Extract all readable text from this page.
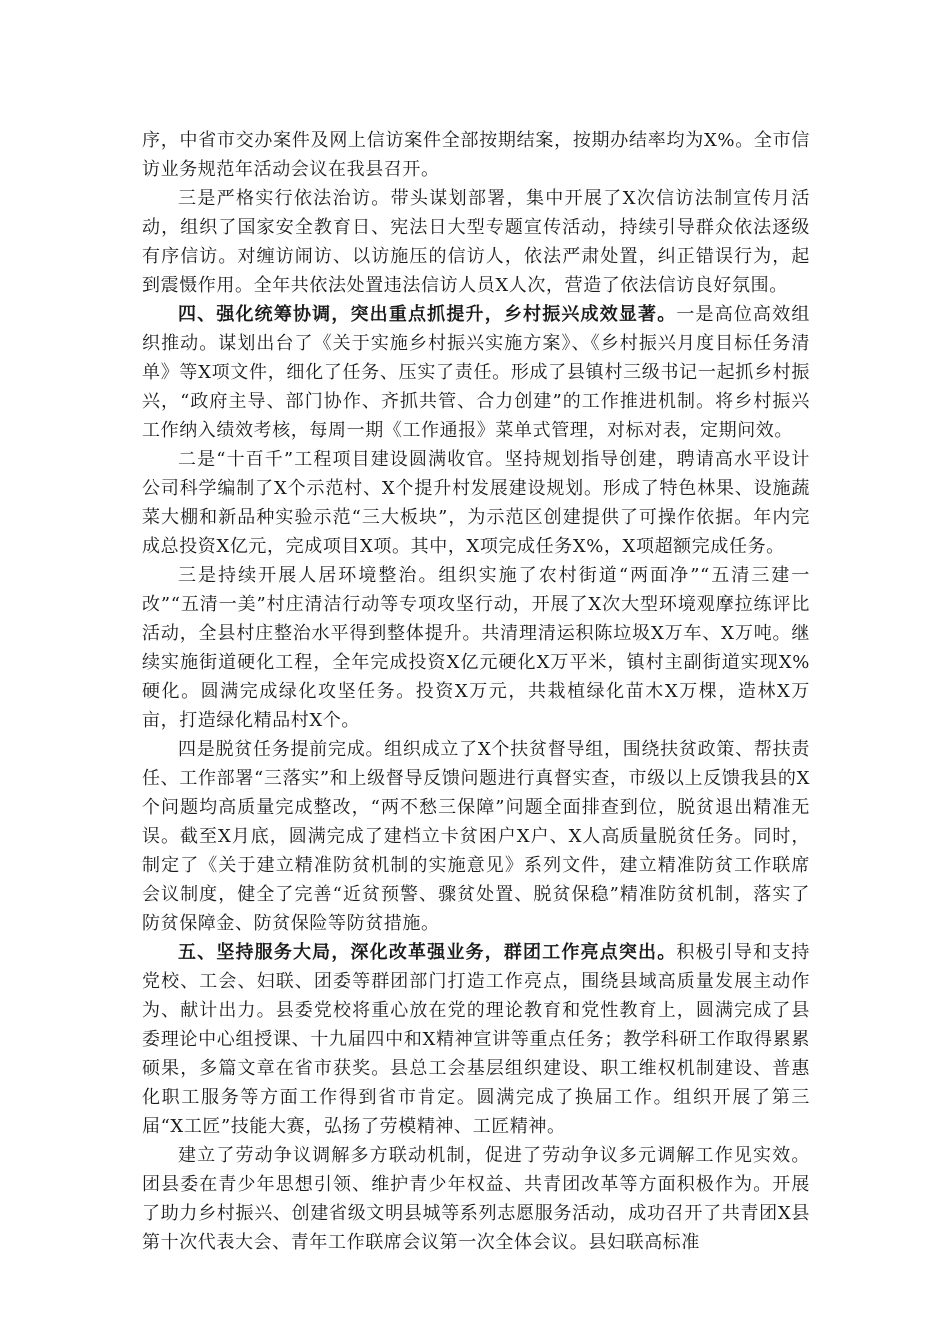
序，中省市交办案件及网上信访案件全部按期结案，按期办结率均为X%。全市信访业务规范年活动会议在我县召开。

三是严格实行依法治访。带头谋划部署，集中开展了X次信访法制宣传月活动，组织了国家安全教育日、宪法日大型专题宣传活动，持续引导群众依法逐级有序信访。对缠访闹访、以访施压的信访人，依法严肃处置，纠正错误行为，起到震慑作用。全年共依法处置违法信访人员X人次，营造了依法信访良好氛围。

四、强化统筹协调，突出重点抓提升，乡村振兴成效显著。一是高位高效组织推动。谋划出台了《关于实施乡村振兴实施方案》、《乡村振兴月度目标任务清单》等X项文件，细化了任务、压实了责任。形成了县镇村三级书记一起抓乡村振兴，“政府主导、部门协作、齐抓共管、合力创建”的工作推进机制。将乡村振兴工作纳入绩效考核，每周一期《工作通报》菜单式管理，对标对表，定期问效。

二是“十百千”工程项目建设圆满收官。坚持规划指导创建，聘请高水平设计公司科学编制了X个示范村、X个提升村发展建设规划。形成了特色林果、设施蔬菜大棚和新品种实验示范“三大板块”，为示范区创建提供了可操作依据。年内完成总投资X亿元，完成项目X项。其中，X项完成任务X%，X项超额完成任务。

三是持续开展人居环境整治。组织实施了农村街道“两面净”“五清三建一改”“五清一美”村庄清洁行动等专项攻坚行动，开展了X次大型环境观摩拉练评比活动，全县村庄整治水平得到整体提升。共清理清运积陈垃圾X万车、X万吨。继续实施街道硬化工程，全年完成投资X亿元硬化X万平米，镇村主副街道实现X%硬化。圆满完成绿化攻坚任务。投资X万元，共栽植绿化苗木X万棵，造林X万亩，打造绿化精品村X个。

四是脱贫任务提前完成。组织成立了X个扶贫督导组，围绕扶贫政策、帮扶责任、工作部署“三落实”和上级督导反馈问题进行真督实查，市级以上反馈我县的X个问题均高质量完成整改，“两不愁三保障”问题全面排查到位，脱贫退出精准无误。截至X月底，圆满完成了建档立卡贫困户X户、X人高质量脱贫任务。同时，制定了《关于建立精准防贫机制的实施意见》系列文件，建立精准防贫工作联席会议制度，健全了完善“近贫预警、骤贫处置、脱贫保稳”精准防贫机制，落实了防贫保障金、防贫保险等防贫措施。

五、坚持服务大局，深化改革强业务，群团工作亮点突出。积极引导和支持党校、工会、妇联、团委等群团部门打造工作亮点，围绕县域高质量发展主动作为、献计出力。县委党校将重心放在党的理论教育和党性教育上，圆满完成了县委理论中心组授课、十九届四中和X精神宣讲等重点任务；教学科研工作取得累累硕果，多篇文章在省市获奖。县总工会基层组织建设、职工维权机制建设、普惠化职工服务等方面工作得到省市肯定。圆满完成了换届工作。组织开展了第三届“X工匠”技能大赛，弘扬了劳模精神、工匠精神。

建立了劳动争议调解多方联动机制，促进了劳动争议多元调解工作见实效。团县委在青少年思想引领、维护青少年权益、共青团改革等方面积极作为。开展了助力乡村振兴、创建省级文明县城等系列志愿服务活动，成功召开了共青团X县第十次代表大会、青年工作联席会议第一次全体会议。县妇联高标准
